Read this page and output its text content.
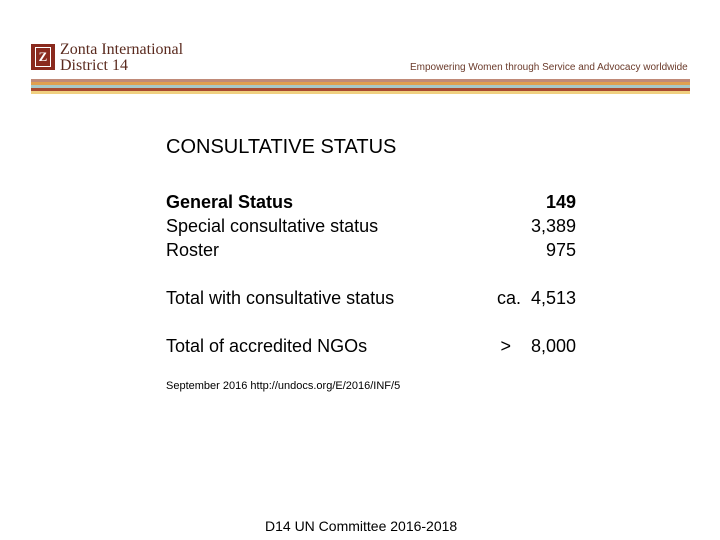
Z Zonta International
District 14	Empowering Women through Service and Advocacy worldwide
CONSULTATIVE STATUS
General Status	149
Special consultative status	3,389
Roster	975
Total with consultative status	ca.  4,513
Total of accredited NGOs	>    8,000
September 2016 http://undocs.org/E/2016/INF/5
D14 UN Committee 2016-2018
